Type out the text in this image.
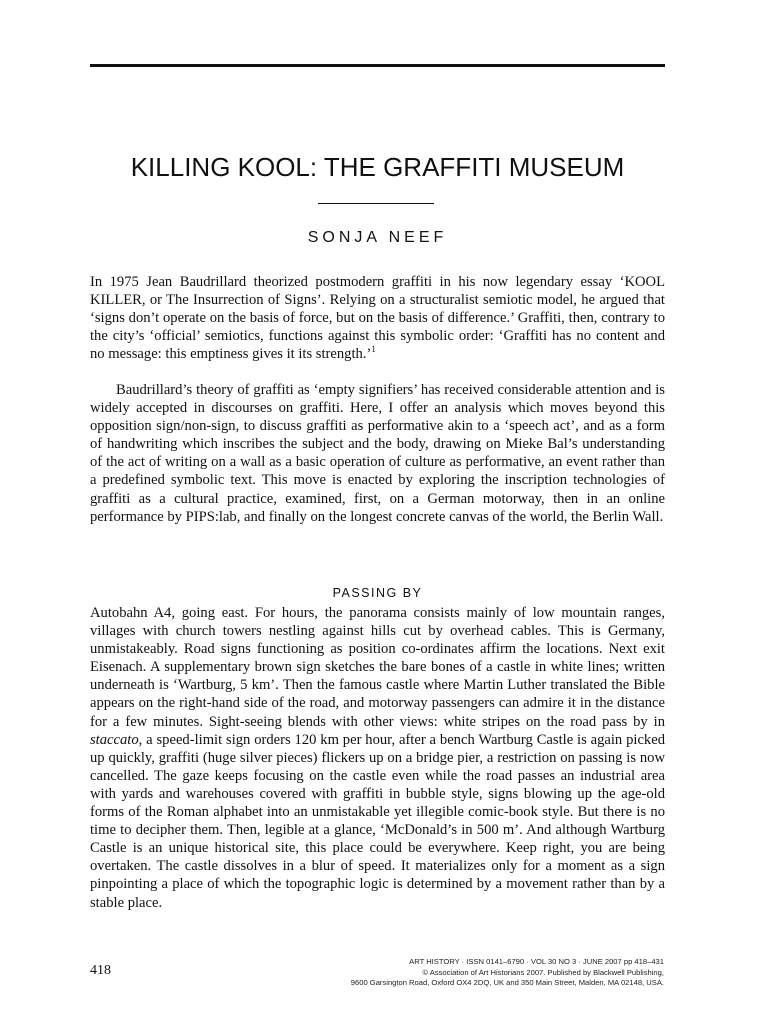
KILLING KOOL: THE GRAFFITI MUSEUM
SONJA NEEF

In 1975 Jean Baudrillard theorized postmodern graffiti in his now legendary essay ‘KOOL KILLER, or The Insurrection of Signs’. Relying on a structuralist semiotic model, he argued that ‘signs don’t operate on the basis of force, but on the basis of difference.’ Graffiti, then, contrary to the city’s ‘official’ semiotics, functions against this symbolic order: ‘Graffiti has no content and no message: this emptiness gives it its strength.’$^1$

Baudrillard’s theory of graffiti as ‘empty signifiers’ has received considerable attention and is widely accepted in discourses on graffiti. Here, I offer an analysis which moves beyond this opposition sign/non-sign, to discuss graffiti as performative akin to a ‘speech act’, and as a form of handwriting which inscribes the subject and the body, drawing on Mieke Bal’s understanding of the act of writing on a wall as a basic operation of culture as performative, an event rather than a predefined symbolic text. This move is enacted by exploring the inscription technologies of graffiti as a cultural practice, examined, first, on a German motorway, then in an online performance by PIPS:lab, and finally on the longest concrete canvas of the world, the Berlin Wall.

PASSING BY

Autobahn A4, going east. For hours, the panorama consists mainly of low mountain ranges, villages with church towers nestling against hills cut by overhead cables. This is Germany, unmistakeably. Road signs functioning as position co-ordinates affirm the locations. Next exit Eisenach. A supplementary brown sign sketches the bare bones of a castle in white lines; written underneath is ‘Wartburg, 5 km’. Then the famous castle where Martin Luther translated the Bible appears on the right-hand side of the road, and motorway passengers can admire it in the distance for a few minutes. Sight-seeing blends with other views: white stripes on the road pass by in staccato, a speed-limit sign orders 120 km per hour, after a bench Wartburg Castle is again picked up quickly, graffiti (huge silver pieces) flickers up on a bridge pier, a restriction on passing is now cancelled. The gaze keeps focusing on the castle even while the road passes an industrial area with yards and warehouses covered with graffiti in bubble style, signs blowing up the age-old forms of the Roman alphabet into an unmistakable yet illegible comic-book style. But there is no time to decipher them. Then, legible at a glance, ‘McDonald’s in 500 m’. And although Wartburg Castle is an unique historical site, this place could be everywhere. Keep right, you are being overtaken. The castle dissolves in a blur of speed. It materializes only for a moment as a sign pinpointing a place of which the topographic logic is determined by a movement rather than by a stable place.

418
ART HISTORY · ISSN 0141–6790 · VOL 30 NO 3 · JUNE 2007 pp 418–431
© Association of Art Historians 2007. Published by Blackwell Publishing,
9600 Garsington Road, Oxford OX4 2DQ, UK and 350 Main Street, Malden, MA 02148, USA.
